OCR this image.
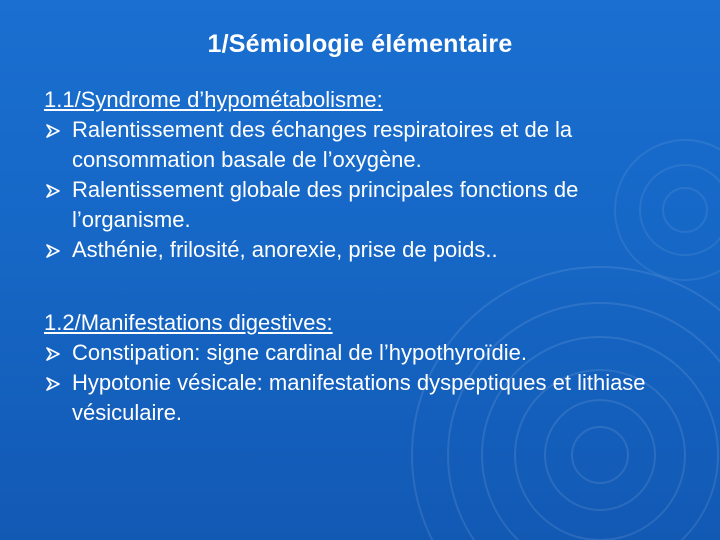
1/Sémiologie élémentaire
1.1/Syndrome d’hypométabolisme:
Ralentissement des échanges respiratoires et de la consommation basale de l’oxygène.
Ralentissement globale des principales fonctions de l’organisme.
Asthénie, frilosité, anorexie, prise de poids..
1.2/Manifestations digestives:
Constipation: signe cardinal de l’hypothyroïdie.
Hypotonie vésicale: manifestations dyspeptiques et lithiase vésiculaire.
